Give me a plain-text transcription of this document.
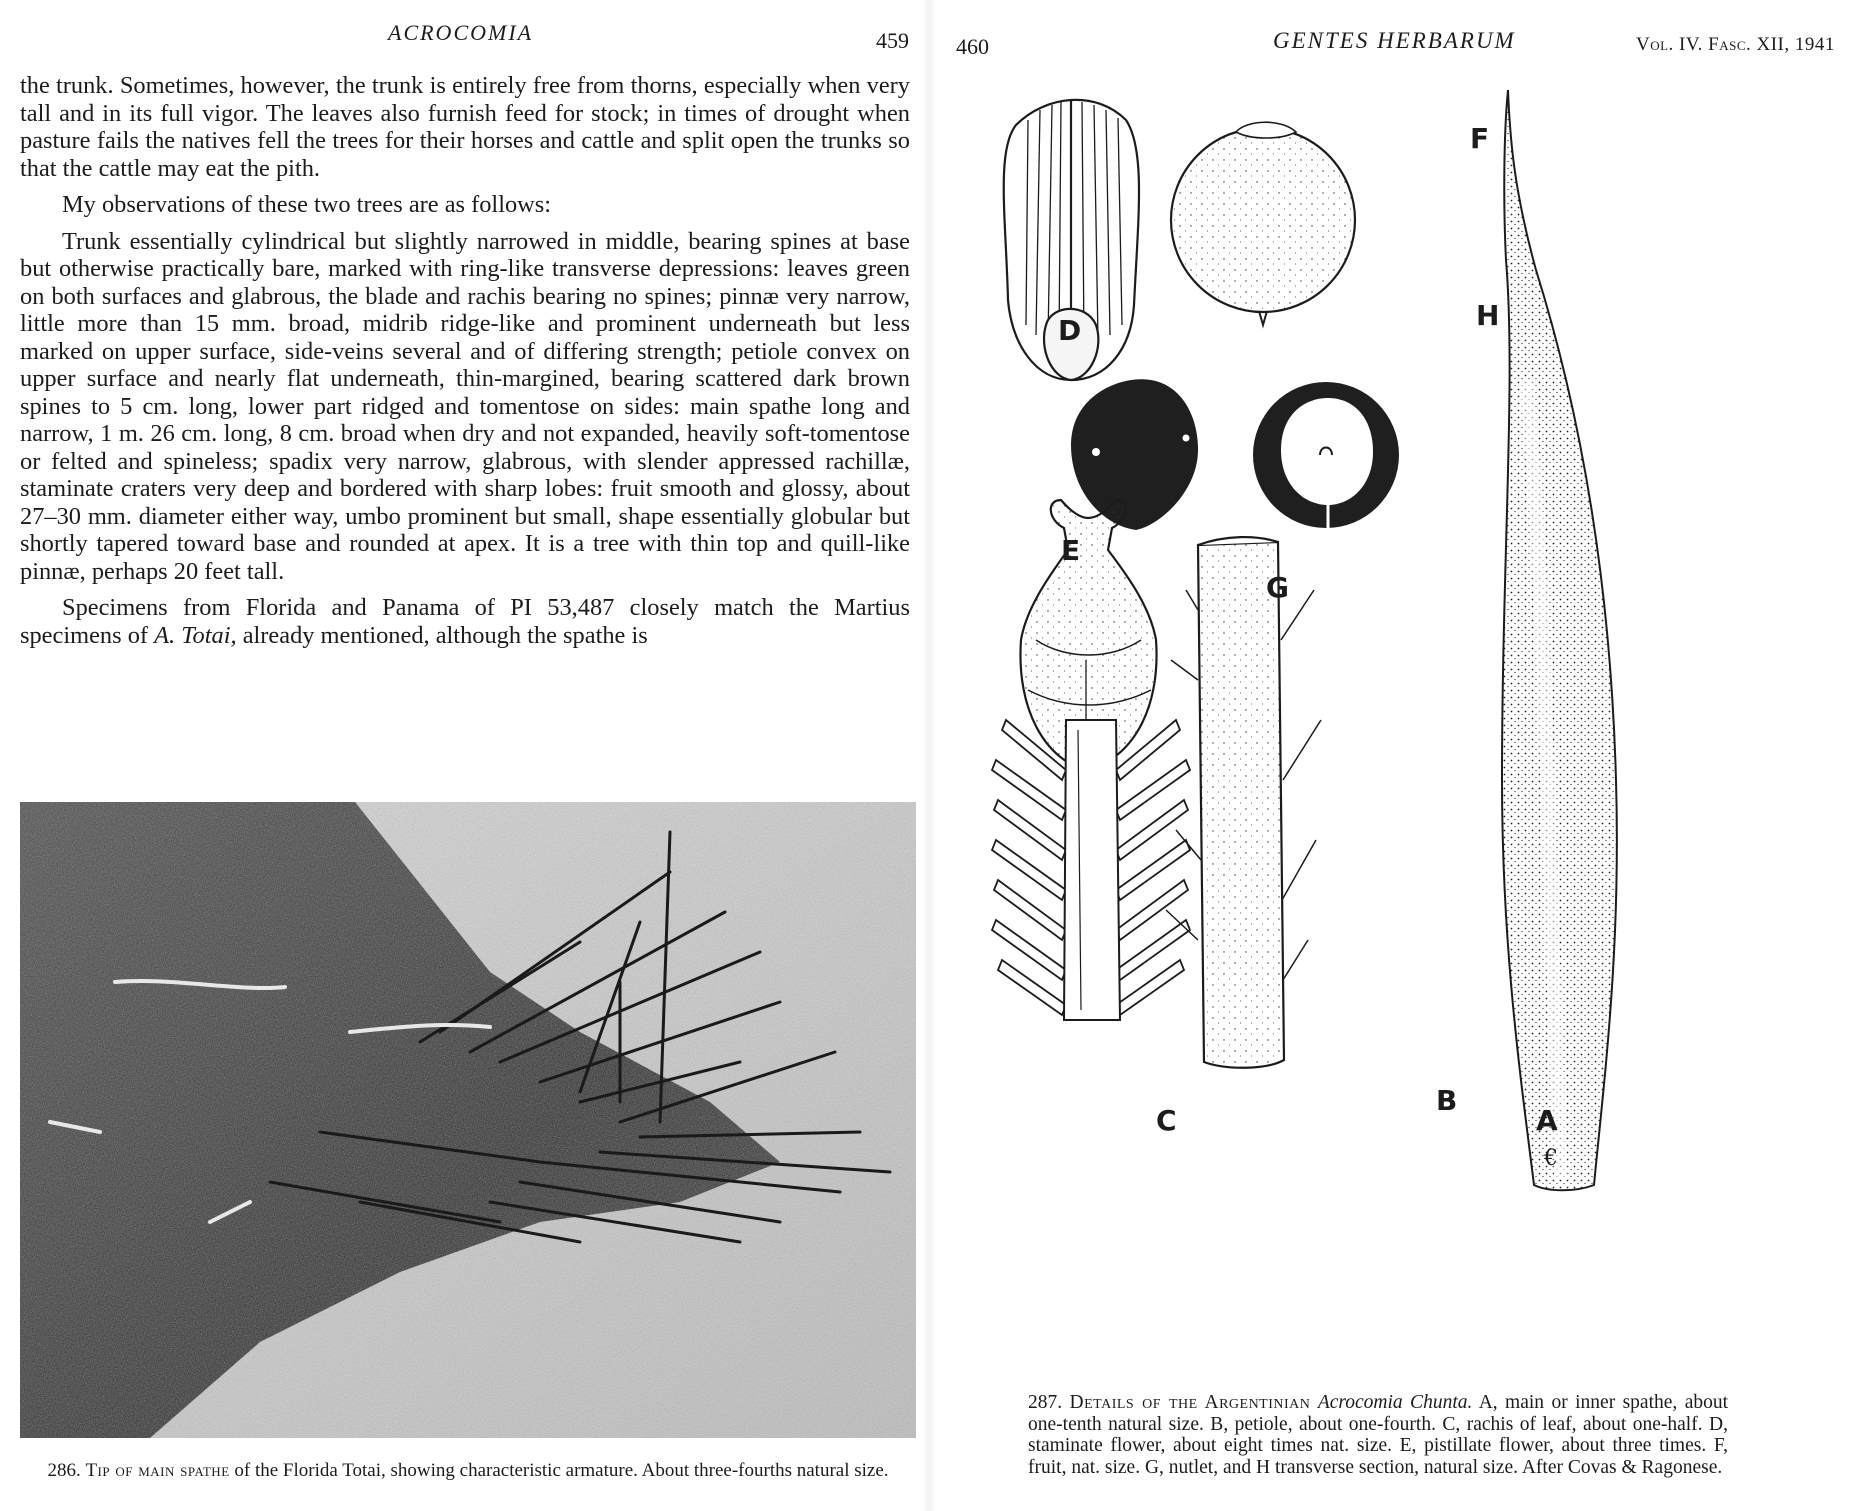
ACROCOMIA	459

the trunk. Sometimes, however, the trunk is entirely free from thorns, especially when very tall and in its full vigor. The leaves also furnish feed for stock; in times of drought when pasture fails the natives fell the trees for their horses and cattle and split open the trunks so that the cattle may eat the pith.

My observations of these two trees are as follows:

Trunk essentially cylindrical but slightly narrowed in middle, bearing spines at base but otherwise practically bare, marked with ring-like transverse depressions: leaves green on both surfaces and glabrous, the blade and rachis bearing no spines; pinnæ very narrow, little more than 15 mm. broad, midrib ridge-like and prominent underneath but less marked on upper surface, side-veins several and of differing strength; petiole convex on upper surface and nearly flat underneath, thin-margined, bearing scattered dark brown spines to 5 cm. long, lower part ridged and tomentose on sides: main spathe long and narrow, 1 m. 26 cm. long, 8 cm. broad when dry and not expanded, heavily soft-tomentose or felted and spineless; spadix very narrow, glabrous, with slender appressed rachillæ, staminate craters very deep and bordered with sharp lobes: fruit smooth and glossy, about 27–30 mm. diameter either way, umbo prominent but small, shape essentially globular but shortly tapered toward base and rounded at apex. It is a tree with thin top and quill-like pinnæ, perhaps 20 feet tall.

Specimens from Florida and Panama of PI 53,487 closely match the Martius specimens of A. Totai, already mentioned, although the spathe is

286. Tip of main spathe of the Florida Totai, showing characteristic armature. About three-fourths natural size.
460	GENTES HERBARUM	Vol. IV. Fasc. XII, 1941
A
B
C
D
E
F
G
H
€
287. Details of the Argentinian Acrocomia Chunta. A, main or inner spathe, about one-tenth natural size. B, petiole, about one-fourth. C, rachis of leaf, about one-half. D, staminate flower, about eight times nat. size. E, pistillate flower, about three times. F, fruit, nat. size. G, nutlet, and H transverse section, natural size. After Covas & Ragonese.
